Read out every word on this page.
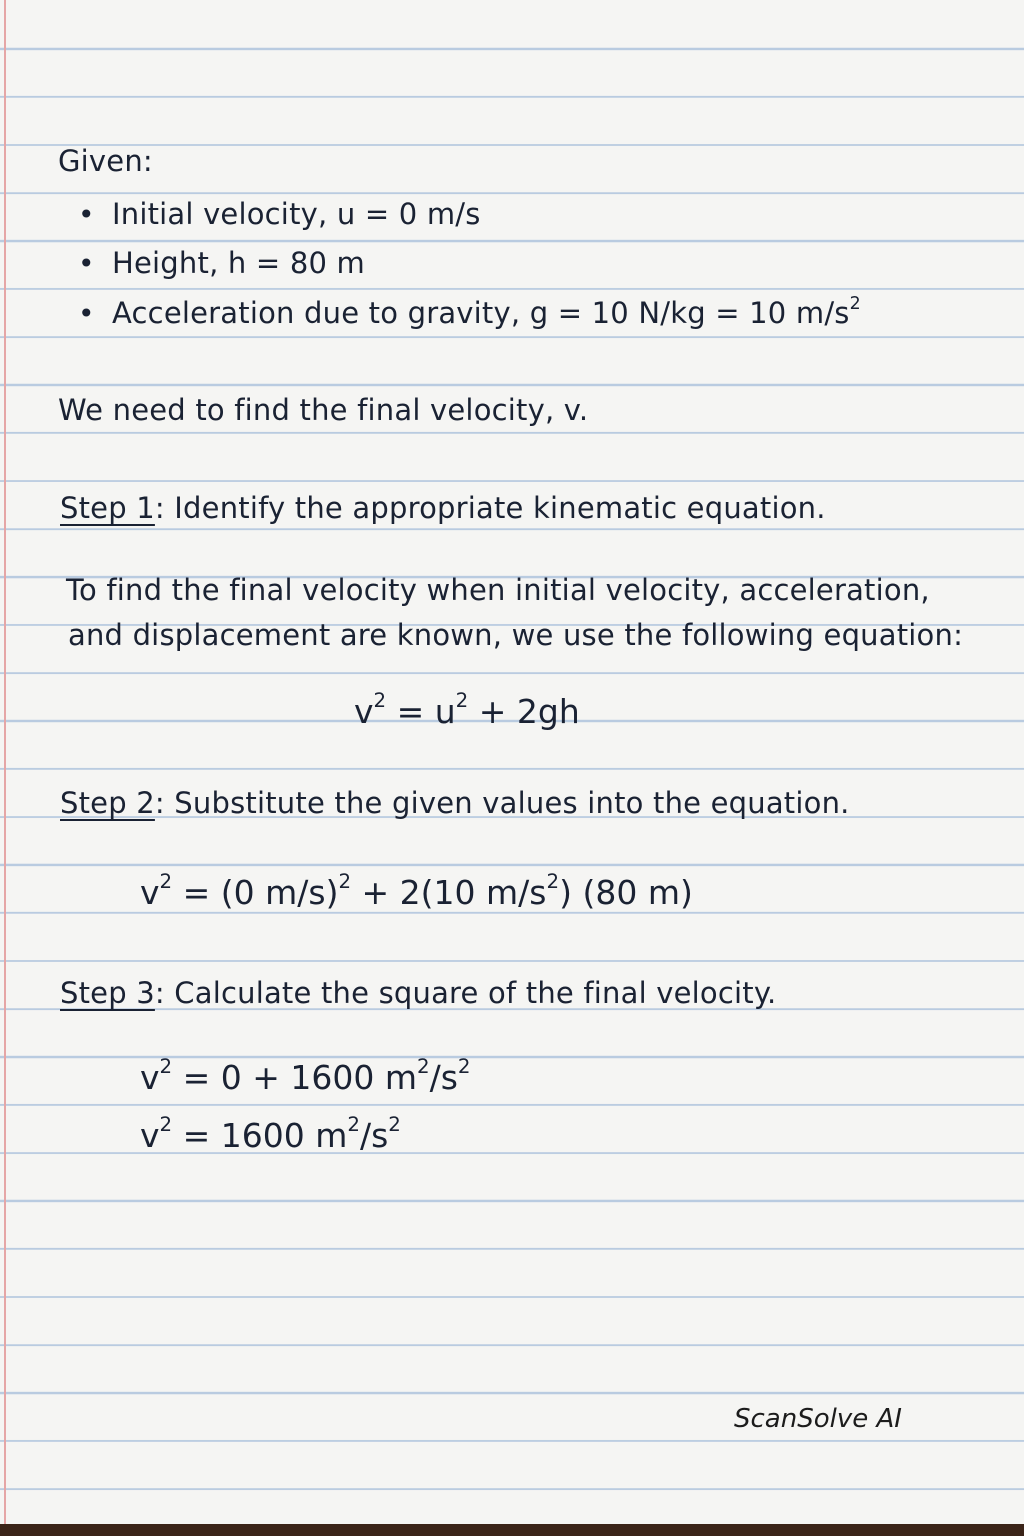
Given:
• Initial velocity, u = 0 m/s
• Height, h = 80 m
• Acceleration due to gravity, g = 10 N/kg = 10 $m/s^2$
We need to find the final velocity, v.
Step 1: Identify the appropriate kinematic equation.
To find the final velocity when initial velocity, acceleration,
and displacement are known, we use the following equation:
$v^2 = u^2 + 2gh$
Step 2: Substitute the given values into the equation.
$v^2 = (0$ m/s)$^2$ + 2(10 $m/s^2$) (80 m)
Step 3: Calculate the square of the final velocity.
$v^2 = 0 + 1600$ $m^2/s^2$
$v^2 = 1600$ $m^2/s^2$
ScanSolve AI
